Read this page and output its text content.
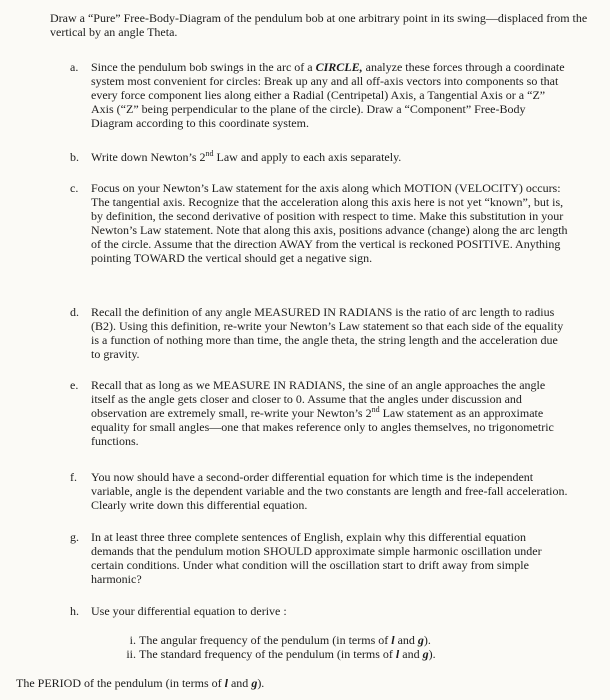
Draw a “Pure” Free-Body-Diagram of the pendulum bob at one arbitrary point in its swing—displaced from the vertical by an angle Theta.
a.	Since the pendulum bob swings in the arc of a CIRCLE, analyze these forces through a coordinate system most convenient for circles: Break up any and all off-axis vectors into components so that every force component lies along either a Radial (Centripetal) Axis, a Tangential Axis or a “Z” Axis (“Z” being perpendicular to the plane of the circle). Draw a “Component” Free-Body Diagram according to this coordinate system.
b.	Write down Newton’s 2nd Law and apply to each axis separately.
c.	Focus on your Newton’s Law statement for the axis along which MOTION (VELOCITY) occurs: The tangential axis. Recognize that the acceleration along this axis here is not yet “known”, but is, by definition, the second derivative of position with respect to time. Make this substitution in your Newton’s Law statement. Note that along this axis, positions advance (change) along the arc length of the circle. Assume that the direction AWAY from the vertical is reckoned POSITIVE. Anything pointing TOWARD the vertical should get a negative sign.
d.	Recall the definition of any angle MEASURED IN RADIANS is the ratio of arc length to radius (B2). Using this definition, re-write your Newton’s Law statement so that each side of the equality is a function of nothing more than time, the angle theta, the string length and the acceleration due to gravity.
e.	Recall that as long as we MEASURE IN RADIANS, the sine of an angle approaches the angle itself as the angle gets closer and closer to 0. Assume that the angles under discussion and observation are extremely small, re-write your Newton’s 2nd Law statement as an approximate equality for small angles—one that makes reference only to angles themselves, no trigonometric functions.
f.	You now should have a second-order differential equation for which time is the independent variable, angle is the dependent variable and the two constants are length and free-fall acceleration. Clearly write down this differential equation.
g.	In at least three three complete sentences of English, explain why this differential equation demands that the pendulum motion SHOULD approximate simple harmonic oscillation under certain conditions. Under what condition will the oscillation start to drift away from simple harmonic?
h.	Use your differential equation to derive :
i. The angular frequency of the pendulum (in terms of l and g).
ii. The standard frequency of the pendulum (in terms of l and g).
The PERIOD of the pendulum (in terms of l and g).
